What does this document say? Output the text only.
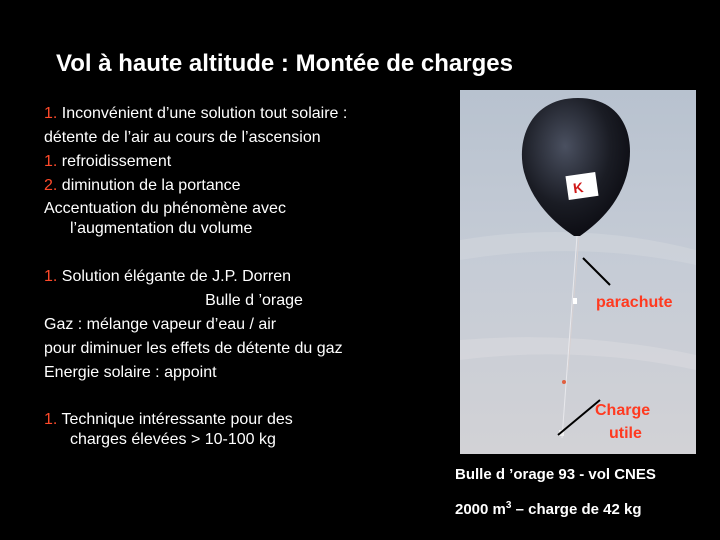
Vol à haute altitude : Montée de charges
1. Inconvénient d’une solution tout solaire :
détente de l’air au cours de l’ascension
1. refroidissement
2. diminution de la portance
Accentuation du phénomène avec
l’augmentation du volume
1. Solution élégante de J.P. Dorren
Bulle d ’orage
Gaz : mélange vapeur d’eau / air
pour diminuer les effets de détente du gaz
Energie solaire : appoint
1. Technique intéressante pour des
charges élevées > 10-100 kg
K
parachute
Charge
utile
Bulle d ’orage 93 - vol CNES
2000 $m^3$ – charge de 42 kg
